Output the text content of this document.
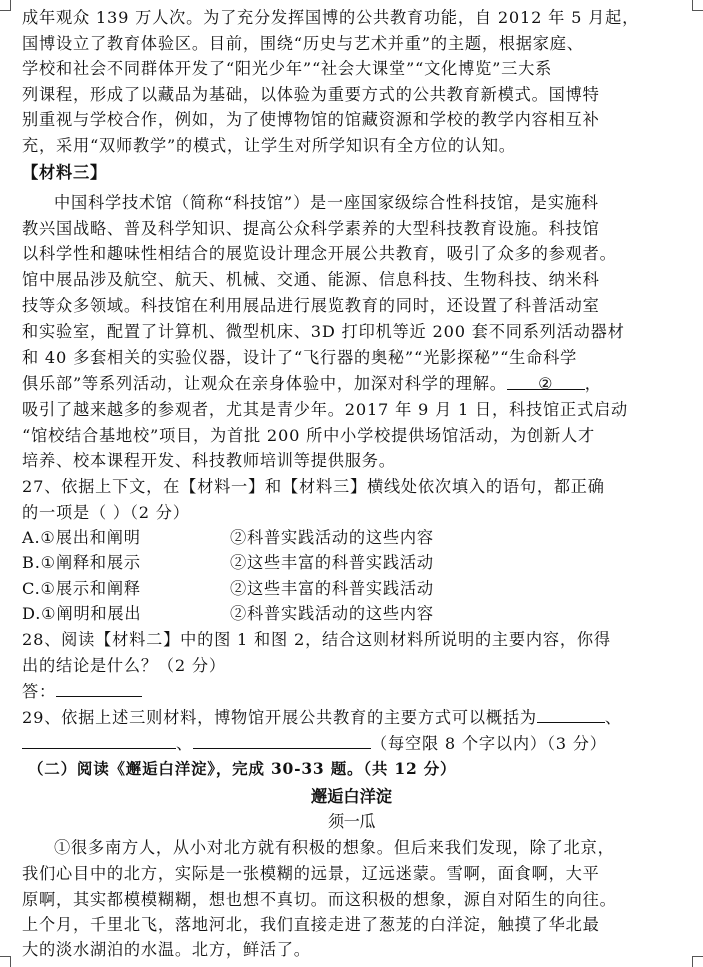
成年观众 139 万人次。为了充分发挥国博的公共教育功能，自 2012 年 5 月起，
国博设立了教育体验区。目前，围绕“历史与艺术并重”的主题，根据家庭、
学校和社会不同群体开发了“阳光少年”“社会大课堂”“文化博览”三大系
列课程，形成了以藏品为基础，以体验为重要方式的公共教育新模式。国博特
别重视与学校合作，例如，为了使博物馆的馆藏资源和学校的教学内容相互补
充，采用“双师教学”的模式，让学生对所学知识有全方位的认知。
【材料三】
中国科学技术馆（简称“科技馆”）是一座国家级综合性科技馆，是实施科
教兴国战略、普及科学知识、提高公众科学素养的大型科技教育设施。科技馆
以科学性和趣味性相结合的展览设计理念开展公共教育，吸引了众多的参观者。
馆中展品涉及航空、航天、机械、交通、能源、信息科技、生物科技、纳米科
技等众多领域。科技馆在利用展品进行展览教育的同时，还设置了科普活动室
和实验室，配置了计算机、微型机床、3D 打印机等近 200 套不同系列活动器材
和 40 多套相关的实验仪器，设计了“飞行器的奥秘”“光影探秘”“生命科学
俱乐部”等系列活动，让观众在亲身体验中，加深对科学的理解。 ② ，
吸引了越来越多的参观者，尤其是青少年。2017 年 9 月 1 日，科技馆正式启动
“馆校结合基地校”项目，为首批 200 所中小学校提供场馆活动，为创新人才
培养、校本课程开发、科技教师培训等提供服务。
27、依据上下文，在【材料一】和【材料三】横线处依次填入的语句，都正确
的一项是（ ）（2 分）
A.①展出和阐明	②科普实践活动的这些内容
B.①阐释和展示	②这些丰富的科普实践活动
C.①展示和阐释	②这些丰富的科普实践活动
D.①阐明和展出	②科普实践活动的这些内容
28、阅读【材料二】中的图 1 和图 2，结合这则材料所说明的主要内容，你得
出的结论是什么？（2 分）
答：
29、依据上述三则材料，博物馆开展公共教育的主要方式可以概括为	、
、	（每空限 8 个字以内）（3 分）
（二）阅读《邂逅白洋淀》，完成 30-33 题。（共 12 分）
邂逅白洋淀
须一瓜
①很多南方人，从小对北方就有积极的想象。但后来我们发现，除了北京，
我们心目中的北方，实际是一张模糊的远景，辽远迷蒙。雪啊，面食啊，大平
原啊，其实都模模糊糊，想也想不真切。而这积极的想象，源自对陌生的向往。
上个月，千里北飞，落地河北，我们直接走进了葱茏的白洋淀，触摸了华北最
大的淡水湖泊的水温。北方，鲜活了。
